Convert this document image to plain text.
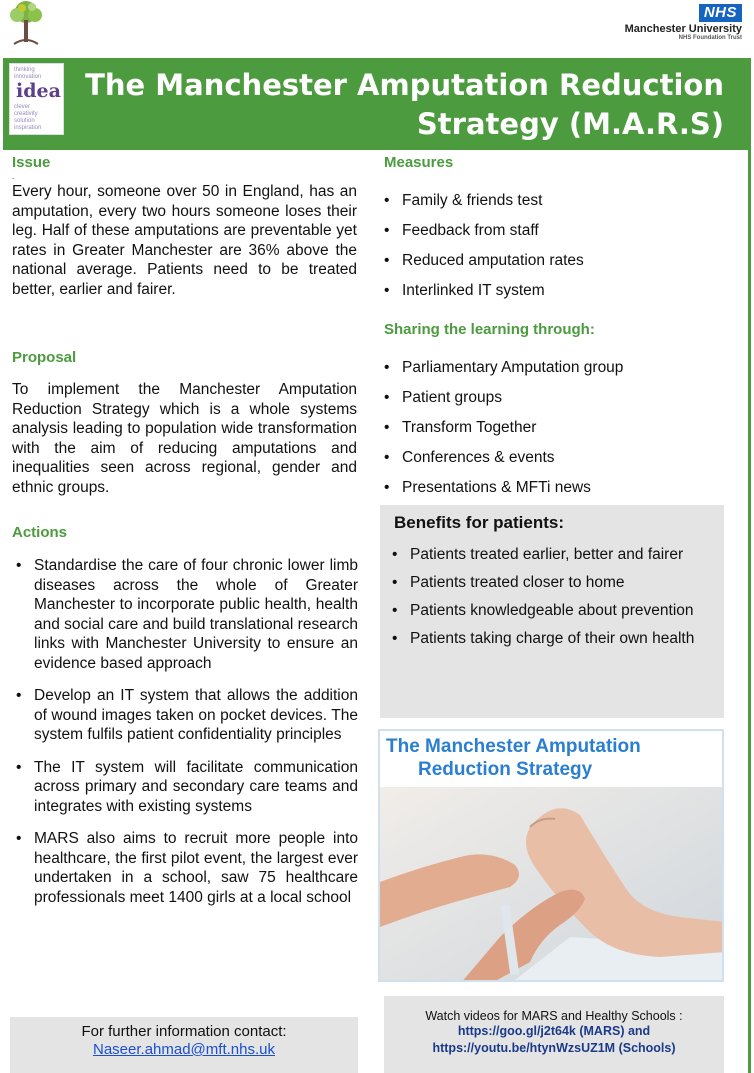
NHS
Manchester University
NHS Foundation Trust
thinking
innovation
idea
clever
creativity
solution
inspiration
The Manchester Amputation Reduction
Strategy (M.A.R.S)
Issue
.
Every hour, someone over 50 in England, has an amputation, every two hours someone loses their leg. Half of these amputations are preventable yet rates in Greater Manchester are 36% above the national average. Patients need to be treated better, earlier and fairer.
Proposal
To implement the Manchester Amputation Reduction Strategy which is a whole systems analysis leading to population wide transformation with the aim of reducing amputations and inequalities seen across regional, gender and ethnic groups.
Actions
• Standardise the care of four chronic lower limb diseases across the whole of Greater Manchester to incorporate public health, health and social care and build translational research links with Manchester University to ensure an evidence based approach
• Develop an IT system that allows the addition of wound images taken on pocket devices. The system fulfils patient confidentiality principles
• The IT system will facilitate communication across primary and secondary care teams and integrates with existing systems
• MARS also aims to recruit more people into healthcare, the first pilot event, the largest ever undertaken in a school, saw 75 healthcare professionals meet 1400 girls at a local school
Measures
• Family & friends test
• Feedback from staff
• Reduced amputation rates
• Interlinked IT system
Sharing the learning through:
• Parliamentary Amputation group
• Patient groups
• Transform Together
• Conferences & events
• Presentations & MFTi news
Benefits for patients:
• Patients treated earlier, better and fairer
• Patients treated closer to home
• Patients knowledgeable about prevention
• Patients taking charge of their own health
The Manchester Amputation
Reduction Strategy
For further information contact:
Naseer.ahmad@mft.nhs.uk
Watch videos for MARS and Healthy Schools :
https://goo.gl/j2t64k (MARS) and
https://youtu.be/htynWzsUZ1M (Schools)
